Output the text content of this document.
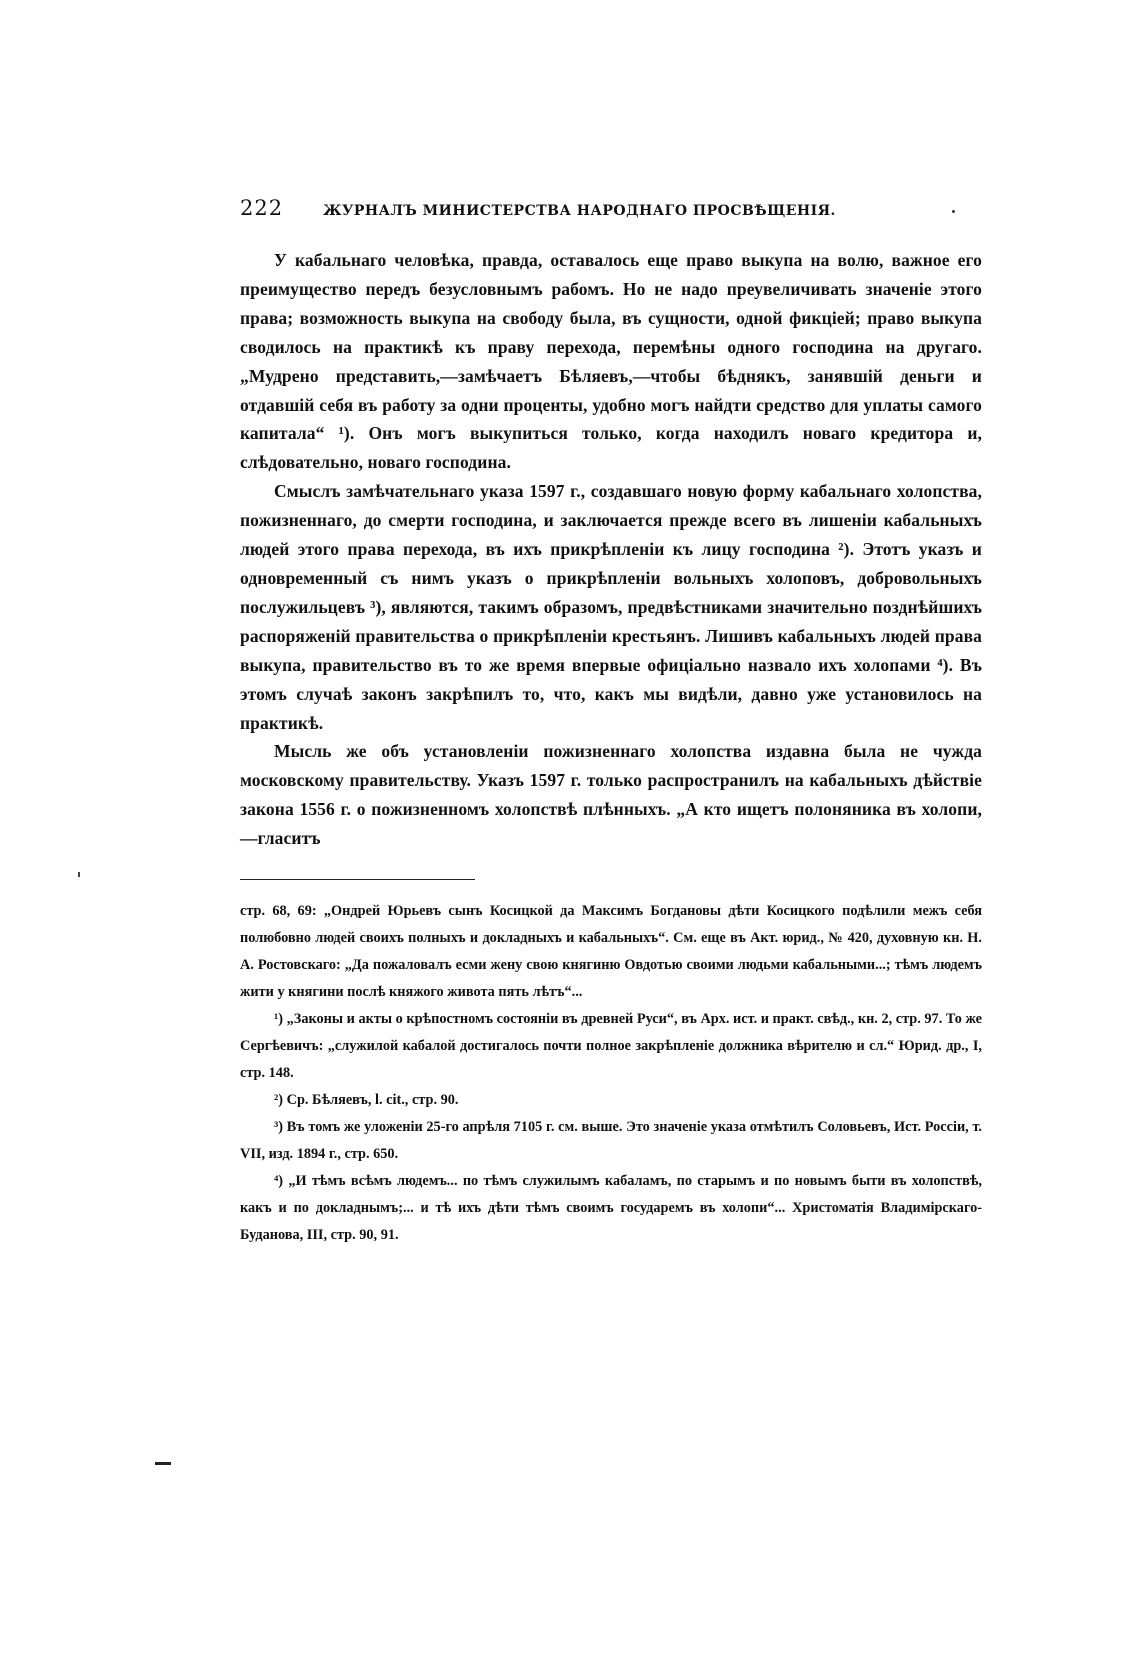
222	ЖУРНАЛЪ МИНИСТЕРСТВА НАРОДНАГО ПРОСВѢЩЕНІЯ.

У кабальнаго человѣка, правда, оставалось еще право выкупа на волю, важное его преимущество передъ безусловнымъ рабомъ. Но не надо преувеличивать значеніе этого права; возможность выкупа на свободу была, въ сущности, одной фикціей; право выкупа сводилось на практикѣ къ праву перехода, перемѣны одного господина на другаго. „Мудрено представить,—замѣчаетъ Бѣляевъ,—чтобы бѣднякъ, занявшій деньги и отдавшій себя въ работу за одни проценты, удобно могъ найдти средство для уплаты самого капитала“ ¹). Онъ могъ выкупиться только, когда находилъ новаго кредитора и, слѣдовательно, новаго господина.

Смыслъ замѣчательнаго указа 1597 г., создавшаго новую форму кабальнаго холопства, пожизненнаго, до смерти господина, и заключается прежде всего въ лишеніи кабальныхъ людей этого права перехода, въ ихъ прикрѣпленіи къ лицу господина ²). Этотъ указъ и одновременный съ нимъ указъ о прикрѣпленіи вольныхъ холоповъ, добровольныхъ послужильцевъ ³), являются, такимъ образомъ, предвѣстниками значительно позднѣйшихъ распоряженій правительства о прикрѣпленіи крестьянъ. Лишивъ кабальныхъ людей права выкупа, правительство въ то же время впервые офиціально назвало ихъ холопами ⁴). Въ этомъ случаѣ законъ закрѣпилъ то, что, какъ мы видѣли, давно уже установилось на практикѣ.

Мысль же объ установленіи пожизненнаго холопства издавна была не чужда московскому правительству. Указъ 1597 г. только распространилъ на кабальныхъ дѣйствіе закона 1556 г. о пожизненномъ холопствѣ плѣнныхъ. „А кто ищетъ полоняника въ холопи,—гласитъ

стр. 68, 69: „Ондрей Юрьевъ сынъ Косицкой да Максимъ Богдановы дѣти Косицкого подѣлили межъ себя полюбовно людей своихъ полныхъ и докладныхъ и кабальныхъ“. См. еще въ Акт. юрид., № 420, духовную кн. Н. А. Ростовскаго: „Да пожаловалъ есми жену свою княгиню Овдотью своими людьми кабальными...; тѣмъ людемъ жити у княгини послѣ княжого живота пять лѣтъ“...

¹) „Законы и акты о крѣпостномъ состояніи въ древней Руси“, въ Арх. ист. и практ. свѣд., кн. 2, стр. 97. То же Сергѣевичъ: „служилой кабалой достигалось почти полное закрѣпленіе должника вѣрителю и сл.“ Юрид. др., I, стр. 148.

²) Ср. Бѣляевъ, l. cit., стр. 90.

³) Въ томъ же уложеніи 25-го апрѣля 7105 г. см. выше. Это значеніе указа отмѣтилъ Соловьевъ, Ист. Россіи, т. VII, изд. 1894 г., стр. 650.

⁴) „И тѣмъ всѣмъ людемъ... по тѣмъ служилымъ кабаламъ, по старымъ и по новымъ быти въ холопствѣ, какъ и по докладнымъ;... и тѣ ихъ дѣти тѣмъ своимъ государемъ въ холопи“... Христоматія Владимірскаго-Буданова, III, стр. 90, 91.
